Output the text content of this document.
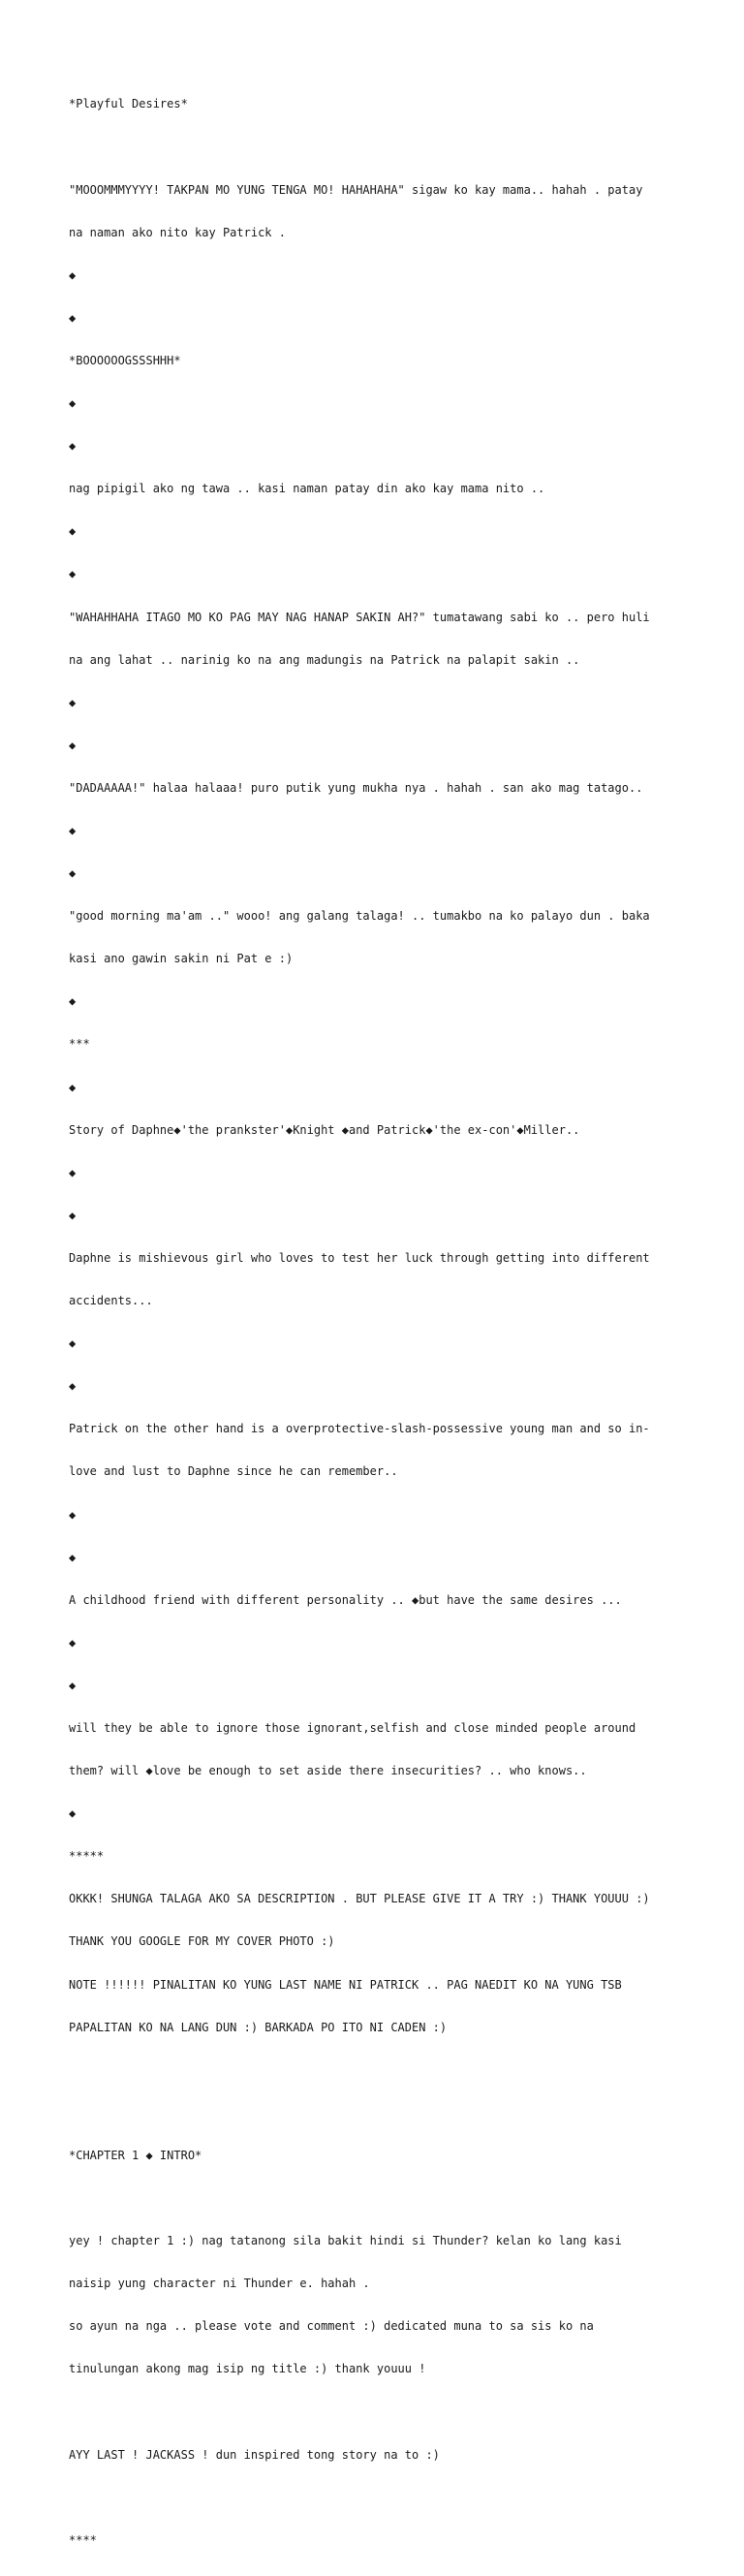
*Playful Desires*

"MOOOMMMYYYY! TAKPAN MO YUNG TENGA MO! HAHAHAHA" sigaw ko kay mama.. hahah . patay

na naman ako nito kay Patrick .

◆

◆

*BOOOOOOGSSSHHH*

◆

◆

nag pipigil ako ng tawa .. kasi naman patay din ako kay mama nito ..

◆

◆

"WAHAHHAHA ITAGO MO KO PAG MAY NAG HANAP SAKIN AH?" tumatawang sabi ko .. pero huli

na ang lahat .. narinig ko na ang madungis na Patrick na palapit sakin ..

◆

◆

"DADAAAAA!" halaa halaaa! puro putik yung mukha nya . hahah . san ako mag tatago..

◆

◆

"good morning ma'am .." wooo! ang galang talaga! .. tumakbo na ko palayo dun . baka

kasi ano gawin sakin ni Pat e :)

◆

***

◆

Story of Daphne◆'the prankster'◆Knight ◆and Patrick◆'the ex-con'◆Miller..

◆

◆

Daphne is mishievous girl who loves to test her luck through getting into different

accidents...

◆

◆

Patrick on the other hand is a overprotective-slash-possessive young man and so in-

love and lust to Daphne since he can remember..

◆

◆

A childhood friend with different personality .. ◆but have the same desires ...

◆

◆

will they be able to ignore those ignorant,selfish and close minded people around

them? will ◆love be enough to set aside there insecurities? .. who knows..

◆

*****

OKKK! SHUNGA TALAGA AKO SA DESCRIPTION . BUT PLEASE GIVE IT A TRY :) THANK YOUUU :)

THANK YOU GOOGLE FOR MY COVER PHOTO :)

NOTE !!!!!! PINALITAN KO YUNG LAST NAME NI PATRICK .. PAG NAEDIT KO NA YUNG TSB

PAPALITAN KO NA LANG DUN :) BARKADA PO ITO NI CADEN :)

*CHAPTER 1 ◆ INTRO*

yey ! chapter 1 :) nag tatanong sila bakit hindi si Thunder? kelan ko lang kasi

naisip yung character ni Thunder e. hahah .

so ayun na nga .. please vote and comment :) dedicated muna to sa sis ko na

tinulungan akong mag isip ng title :) thank youuu !

AYY LAST ! JACKASS ! dun inspired tong story na to :)

****
